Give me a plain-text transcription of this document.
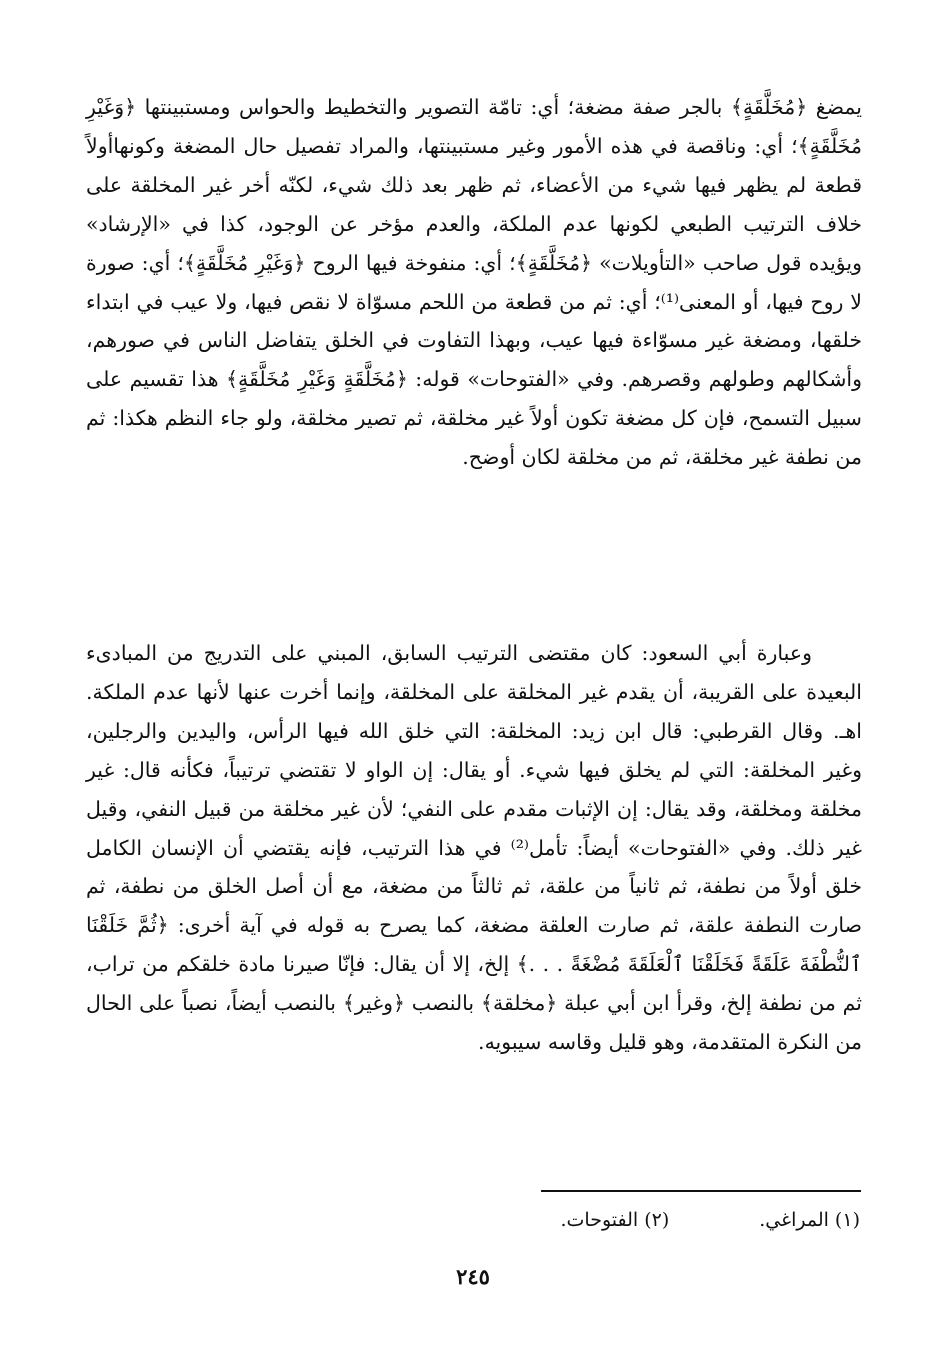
يمضغ ﴿مُخَلَّقَةٍ﴾ بالجر صفة مضغة؛ أي: تامّة التصوير والتخطيط والحواس ومستبينتها ﴿وَغَيْرِ مُخَلَّقَةٍ﴾؛ أي: وناقصة في هذه الأمور وغير مستبينتها، والمراد تفصيل حال المضغة وكونهاأولاً قطعة لم يظهر فيها شيء من الأعضاء، ثم ظهر بعد ذلك شيء، لكنّه أخر غير المخلقة على خلاف الترتيب الطبعي لكونها عدم الملكة، والعدم مؤخر عن الوجود، كذا في «الإرشاد» ويؤيده قول صاحب «التأويلات» ﴿مُخَلَّقَةٍ﴾؛ أي: منفوخة فيها الروح ﴿وَغَيْرِ مُخَلَّقَةٍ﴾؛ أي: صورة لا روح فيها، أو المعنى⁽¹⁾؛ أي: ثم من قطعة من اللحم مسوّاة لا نقص فيها، ولا عيب في ابتداء خلقها، ومضغة غير مسوّاءة فيها عيب، وبهذا التفاوت في الخلق يتفاضل الناس في صورهم، وأشكالهم وطولهم وقصرهم. وفي «الفتوحات» قوله: ﴿مُخَلَّقَةٍ وَغَيْرِ مُخَلَّقَةٍ﴾ هذا تقسيم على سبيل التسمح، فإن كل مضغة تكون أولاً غير مخلقة، ثم تصير مخلقة، ولو جاء النظم هكذا: ثم من نطفة غير مخلقة، ثم من مخلقة لكان أوضح.

وعبارة أبي السعود: كان مقتضى الترتيب السابق، المبني على التدريج من المبادىء البعيدة على القريبة، أن يقدم غير المخلقة على المخلقة، وإنما أخرت عنها لأنها عدم الملكة. اهـ. وقال القرطبي: قال ابن زيد: المخلقة: التي خلق الله فيها الرأس، واليدين والرجلين، وغير المخلقة: التي لم يخلق فيها شيء. أو يقال: إن الواو لا تقتضي ترتيباً، فكأنه قال: غير مخلقة ومخلقة، وقد يقال: إن الإثبات مقدم على النفي؛ لأن غير مخلقة من قبيل النفي، وقيل غير ذلك. وفي «الفتوحات» أيضاً: تأمل⁽²⁾ في هذا الترتيب، فإنه يقتضي أن الإنسان الكامل خلق أولاً من نطفة، ثم ثانياً من علقة، ثم ثالثاً من مضغة، مع أن أصل الخلق من نطفة، ثم صارت النطفة علقة، ثم صارت العلقة مضغة، كما يصرح به قوله في آية أخرى: ﴿ثُمَّ خَلَقْنَا ٱلنُّطْفَةَ عَلَقَةً فَخَلَقْنَا ٱلْعَلَقَةَ مُضْغَةً . . .﴾ إلخ، إلا أن يقال: فإنّا صيرنا مادة خلقكم من تراب، ثم من نطفة إلخ، وقرأ ابن أبي عبلة ﴿مخلقة﴾ بالنصب ﴿وغير﴾ بالنصب أيضاً، نصباً على الحال من النكرة المتقدمة، وهو قليل وقاسه سيبويه.

(١) المراغي.
(٢) الفتوحات.
٢٤٥
